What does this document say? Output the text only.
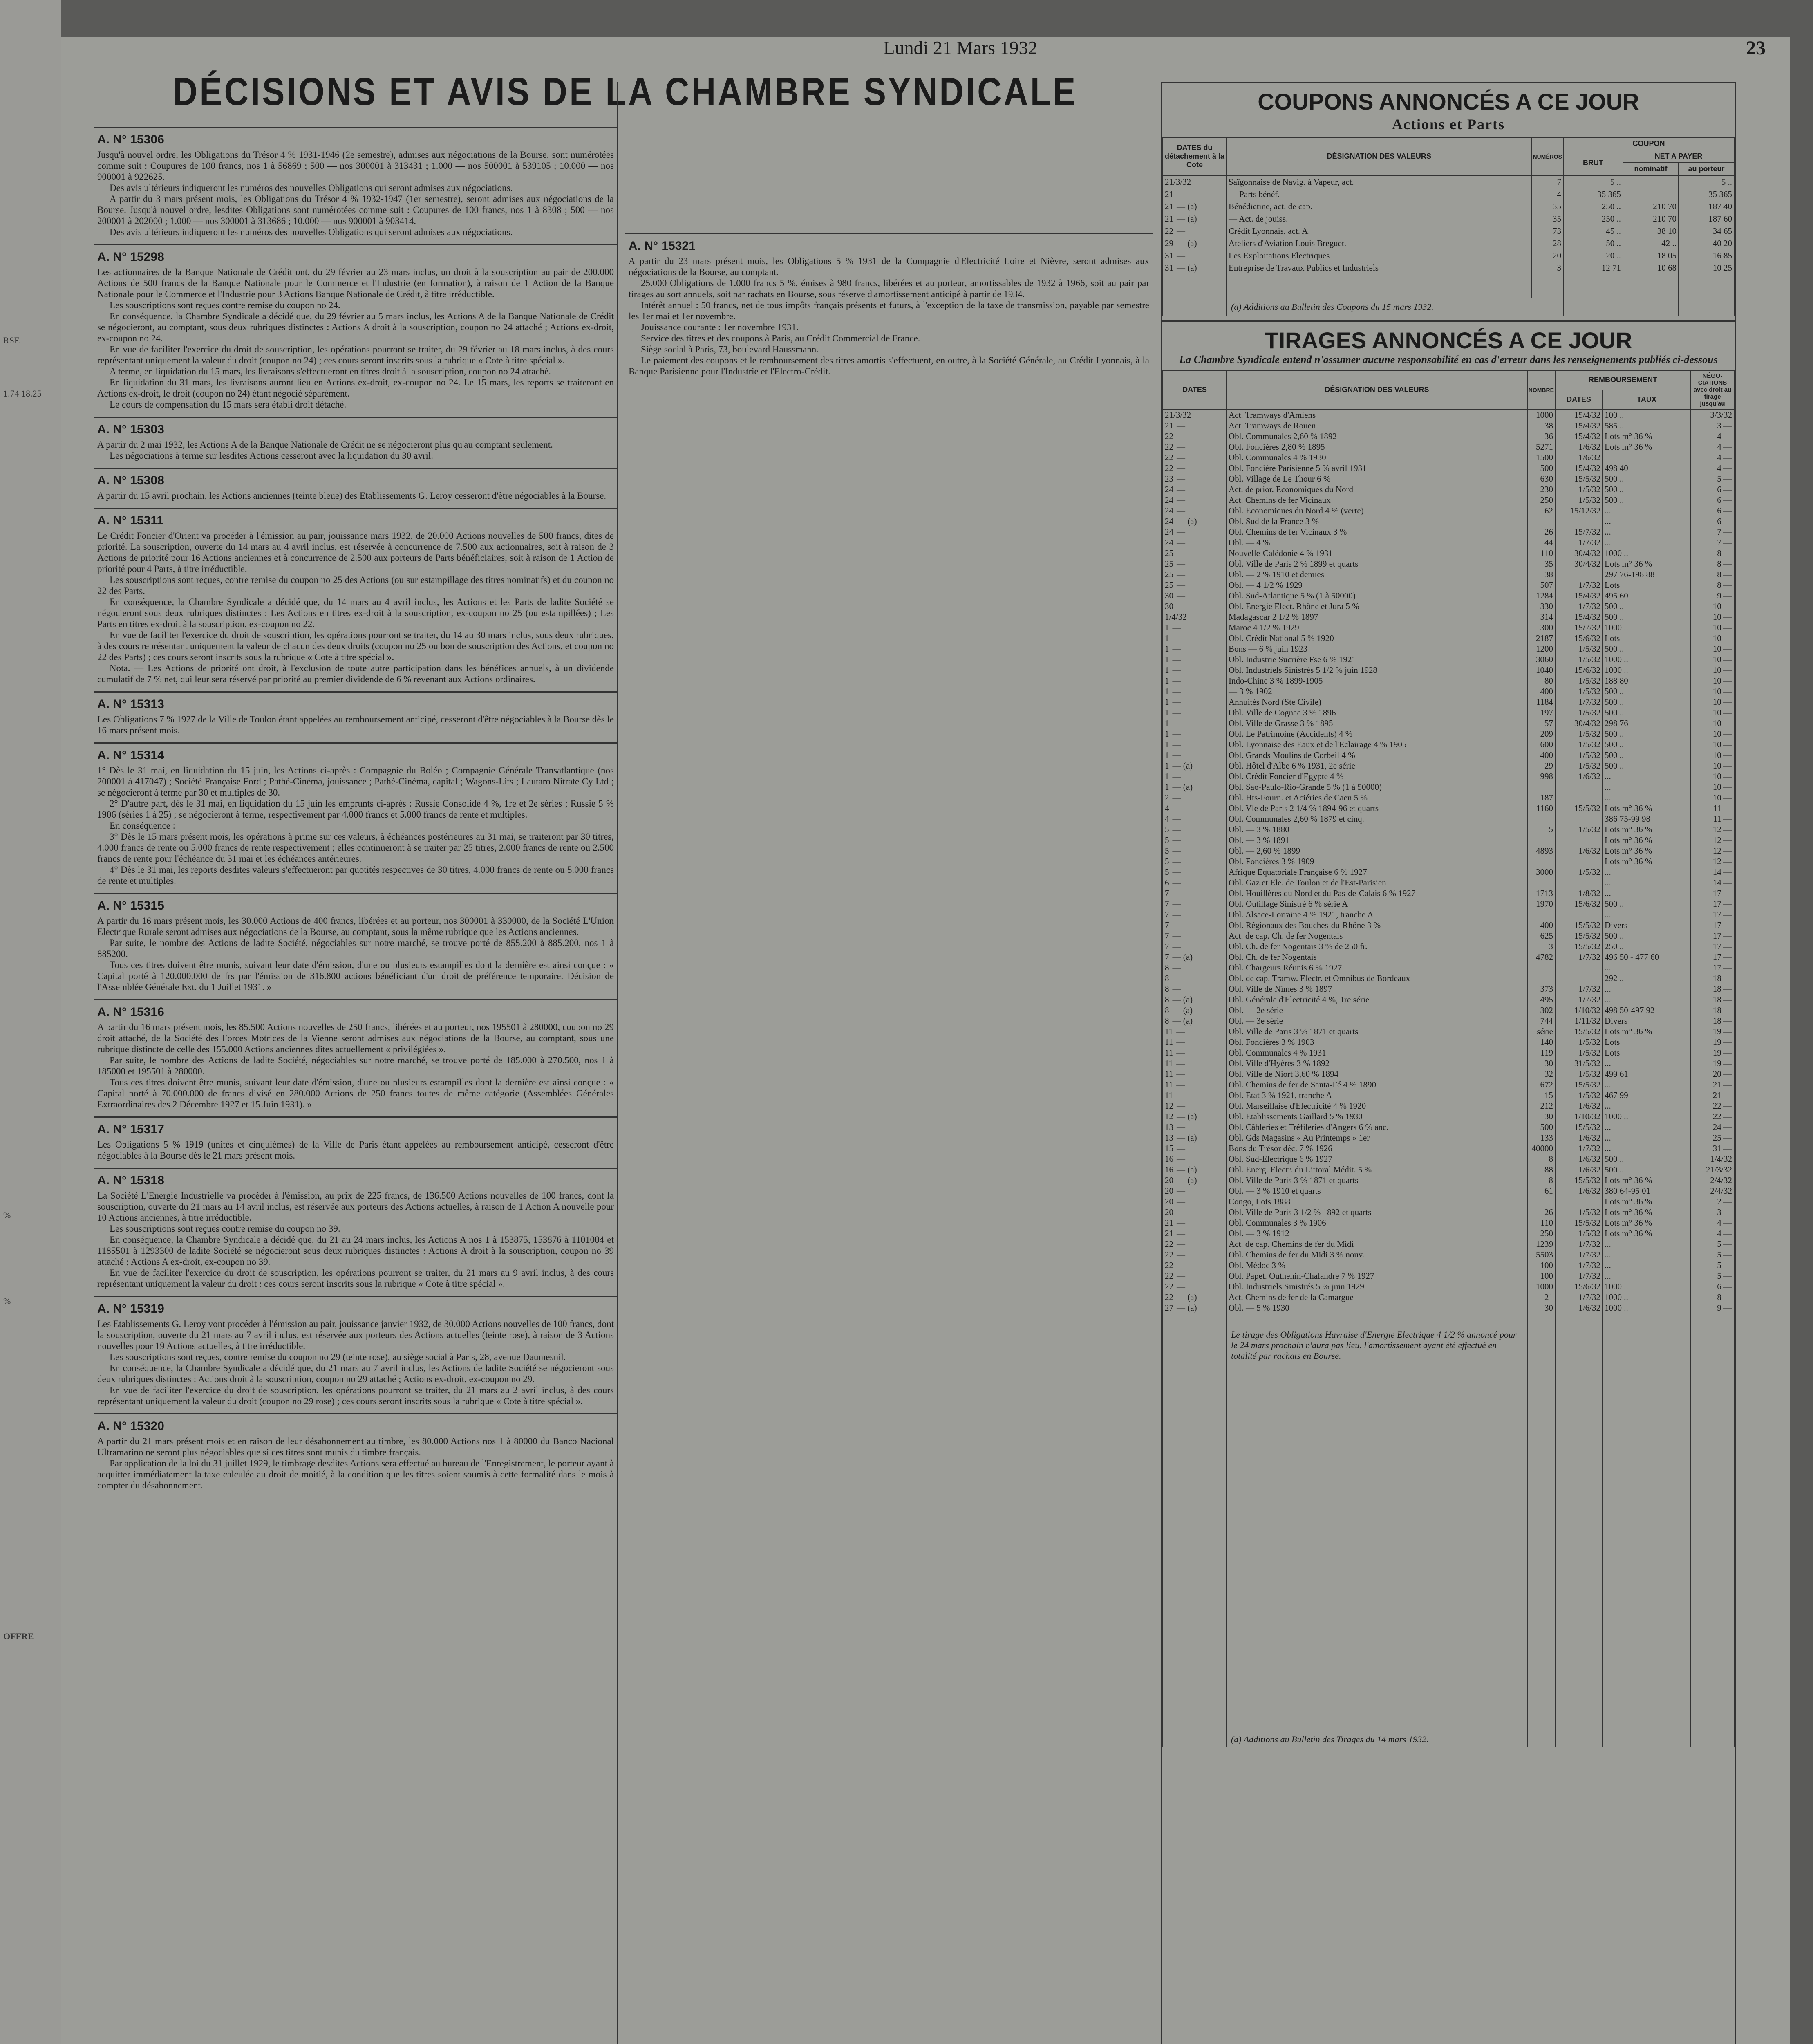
RSE
1.74 18.25
%
%
OFFRE
Lundi 21 Mars 1932	23
DÉCISIONS ET AVIS DE LA CHAMBRE SYNDICALE
A. N° 15306

Jusqu'à nouvel ordre, les Obligations du Trésor 4 % 1931-1946 (2e semestre), admises aux négociations de la Bourse, sont numérotées comme suit : Coupures de 100 francs, nos 1 à 56869 ; 500 — nos 300001 à 313431 ; 1.000 — nos 500001 à 539105 ; 10.000 — nos 900001 à 922625.

Des avis ultérieurs indiqueront les numéros des nouvelles Obligations qui seront admises aux négociations.

A partir du 3 mars présent mois, les Obligations du Trésor 4 % 1932-1947 (1er semestre), seront admises aux négociations de la Bourse. Jusqu'à nouvel ordre, lesdites Obligations sont numérotées comme suit : Coupures de 100 francs, nos 1 à 8308 ; 500 — nos 200001 à 202000 ; 1.000 — nos 300001 à 313686 ; 10.000 — nos 900001 à 903414.

Des avis ultérieurs indiqueront les numéros des nouvelles Obligations qui seront admises aux négociations.

A. N° 15298

Les actionnaires de la Banque Nationale de Crédit ont, du 29 février au 23 mars inclus, un droit à la souscription au pair de 200.000 Actions de 500 francs de la Banque Nationale pour le Commerce et l'Industrie (en formation), à raison de 1 Action de la Banque Nationale pour le Commerce et l'Industrie pour 3 Actions Banque Nationale de Crédit, à titre irréductible.

Les souscriptions sont reçues contre remise du coupon no 24.

En conséquence, la Chambre Syndicale a décidé que, du 29 février au 5 mars inclus, les Actions A de la Banque Nationale de Crédit se négocieront, au comptant, sous deux rubriques distinctes : Actions A droit à la souscription, coupon no 24 attaché ; Actions ex-droit, ex-coupon no 24.

En vue de faciliter l'exercice du droit de souscription, les opérations pourront se traiter, du 29 février au 18 mars inclus, à des cours représentant uniquement la valeur du droit (coupon no 24) ; ces cours seront inscrits sous la rubrique « Cote à titre spécial ».

A terme, en liquidation du 15 mars, les livraisons s'effectueront en titres droit à la souscription, coupon no 24 attaché.

En liquidation du 31 mars, les livraisons auront lieu en Actions ex-droit, ex-coupon no 24. Le 15 mars, les reports se traiteront en Actions ex-droit, le droit (coupon no 24) étant négocié séparément.

Le cours de compensation du 15 mars sera établi droit détaché.

A. N° 15303

A partir du 2 mai 1932, les Actions A de la Banque Nationale de Crédit ne se négocieront plus qu'au comptant seulement.

Les négociations à terme sur lesdites Actions cesseront avec la liquidation du 30 avril.

A. N° 15308

A partir du 15 avril prochain, les Actions anciennes (teinte bleue) des Etablissements G. Leroy cesseront d'être négociables à la Bourse.

A. N° 15311

Le Crédit Foncier d'Orient va procéder à l'émission au pair, jouissance mars 1932, de 20.000 Actions nouvelles de 500 francs, dites de priorité. La souscription, ouverte du 14 mars au 4 avril inclus, est réservée à concurrence de 7.500 aux actionnaires, soit à raison de 3 Actions de priorité pour 16 Actions anciennes et à concurrence de 2.500 aux porteurs de Parts bénéficiaires, soit à raison de 1 Action de priorité pour 4 Parts, à titre irréductible.

Les souscriptions sont reçues, contre remise du coupon no 25 des Actions (ou sur estampillage des titres nominatifs) et du coupon no 22 des Parts.

En conséquence, la Chambre Syndicale a décidé que, du 14 mars au 4 avril inclus, les Actions et les Parts de ladite Société se négocieront sous deux rubriques distinctes : Les Actions en titres ex-droit à la souscription, ex-coupon no 25 (ou estampillées) ; Les Parts en titres ex-droit à la souscription, ex-coupon no 22.

En vue de faciliter l'exercice du droit de souscription, les opérations pourront se traiter, du 14 au 30 mars inclus, sous deux rubriques, à des cours représentant uniquement la valeur de chacun des deux droits (coupon no 25 ou bon de souscription des Actions, et coupon no 22 des Parts) ; ces cours seront inscrits sous la rubrique « Cote à titre spécial ».

Nota. — Les Actions de priorité ont droit, à l'exclusion de toute autre participation dans les bénéfices annuels, à un dividende cumulatif de 7 % net, qui leur sera réservé par priorité au premier dividende de 6 % revenant aux Actions ordinaires.

A. N° 15313

Les Obligations 7 % 1927 de la Ville de Toulon étant appelées au remboursement anticipé, cesseront d'être négociables à la Bourse dès le 16 mars présent mois.

A. N° 15314

1° Dès le 31 mai, en liquidation du 15 juin, les Actions ci-après : Compagnie du Boléo ; Compagnie Générale Transatlantique (nos 200001 à 417047) ; Société Française Ford ; Pathé-Cinéma, jouissance ; Pathé-Cinéma, capital ; Wagons-Lits ; Lautaro Nitrate Cy Ltd ; se négocieront à terme par 30 et multiples de 30.

2° D'autre part, dès le 31 mai, en liquidation du 15 juin les emprunts ci-après : Russie Consolidé 4 %, 1re et 2e séries ; Russie 5 % 1906 (séries 1 à 25) ; se négocieront à terme, respectivement par 4.000 francs et 5.000 francs de rente et multiples.

En conséquence :

3° Dès le 15 mars présent mois, les opérations à prime sur ces valeurs, à échéances postérieures au 31 mai, se traiteront par 30 titres, 4.000 francs de rente ou 5.000 francs de rente respectivement ; elles continueront à se traiter par 25 titres, 2.000 francs de rente ou 2.500 francs de rente pour l'échéance du 31 mai et les échéances antérieures.

4° Dès le 31 mai, les reports desdites valeurs s'effectueront par quotités respectives de 30 titres, 4.000 francs de rente ou 5.000 francs de rente et multiples.

A. N° 15315

A partir du 16 mars présent mois, les 30.000 Actions de 400 francs, libérées et au porteur, nos 300001 à 330000, de la Société L'Union Electrique Rurale seront admises aux négociations de la Bourse, au comptant, sous la même rubrique que les Actions anciennes.

Par suite, le nombre des Actions de ladite Société, négociables sur notre marché, se trouve porté de 855.200 à 885.200, nos 1 à 885200.

Tous ces titres doivent être munis, suivant leur date d'émission, d'une ou plusieurs estampilles dont la dernière est ainsi conçue : « Capital porté à 120.000.000 de frs par l'émission de 316.800 actions bénéficiant d'un droit de préférence temporaire. Décision de l'Assemblée Générale Ext. du 1 Juillet 1931. »

A. N° 15316

A partir du 16 mars présent mois, les 85.500 Actions nouvelles de 250 francs, libérées et au porteur, nos 195501 à 280000, coupon no 29 droit attaché, de la Société des Forces Motrices de la Vienne seront admises aux négociations de la Bourse, au comptant, sous une rubrique distincte de celle des 155.000 Actions anciennes dites actuellement « privilégiées ».

Par suite, le nombre des Actions de ladite Société, négociables sur notre marché, se trouve porté de 185.000 à 270.500, nos 1 à 185000 et 195501 à 280000.

Tous ces titres doivent être munis, suivant leur date d'émission, d'une ou plusieurs estampilles dont la dernière est ainsi conçue : « Capital porté à 70.000.000 de francs divisé en 280.000 Actions de 250 francs toutes de même catégorie (Assemblées Générales Extraordinaires des 2 Décembre 1927 et 15 Juin 1931). »

A. N° 15317

Les Obligations 5 % 1919 (unités et cinquièmes) de la Ville de Paris étant appelées au remboursement anticipé, cesseront d'être négociables à la Bourse dès le 21 mars présent mois.

A. N° 15318

La Société L'Energie Industrielle va procéder à l'émission, au prix de 225 francs, de 136.500 Actions nouvelles de 100 francs, dont la souscription, ouverte du 21 mars au 14 avril inclus, est réservée aux porteurs des Actions actuelles, à raison de 1 Action A nouvelle pour 10 Actions anciennes, à titre irréductible.

Les souscriptions sont reçues contre remise du coupon no 39.

En conséquence, la Chambre Syndicale a décidé que, du 21 au 24 mars inclus, les Actions A nos 1 à 153875, 153876 à 1101004 et 1185501 à 1293300 de ladite Société se négocieront sous deux rubriques distinctes : Actions A droit à la souscription, coupon no 39 attaché ; Actions A ex-droit, ex-coupon no 39.

En vue de faciliter l'exercice du droit de souscription, les opérations pourront se traiter, du 21 mars au 9 avril inclus, à des cours représentant uniquement la valeur du droit : ces cours seront inscrits sous la rubrique « Cote à titre spécial ».

A. N° 15319

Les Etablissements G. Leroy vont procéder à l'émission au pair, jouissance janvier 1932, de 30.000 Actions nouvelles de 100 francs, dont la souscription, ouverte du 21 mars au 7 avril inclus, est réservée aux porteurs des Actions actuelles (teinte rose), à raison de 3 Actions nouvelles pour 19 Actions actuelles, à titre irréductible.

Les souscriptions sont reçues, contre remise du coupon no 29 (teinte rose), au siège social à Paris, 28, avenue Daumesnil.

En conséquence, la Chambre Syndicale a décidé que, du 21 mars au 7 avril inclus, les Actions de ladite Société se négocieront sous deux rubriques distinctes : Actions droit à la souscription, coupon no 29 attaché ; Actions ex-droit, ex-coupon no 29.

En vue de faciliter l'exercice du droit de souscription, les opérations pourront se traiter, du 21 mars au 2 avril inclus, à des cours représentant uniquement la valeur du droit (coupon no 29 rose) ; ces cours seront inscrits sous la rubrique « Cote à titre spécial ».

A. N° 15320

A partir du 21 mars présent mois et en raison de leur désabonnement au timbre, les 80.000 Actions nos 1 à 80000 du Banco Nacional Ultramarino ne seront plus négociables que si ces titres sont munis du timbre français.

Par application de la loi du 31 juillet 1929, le timbrage desdites Actions sera effectué au bureau de l'Enregistrement, le porteur ayant à acquitter immédiatement la taxe calculée au droit de moitié, à la condition que les titres soient soumis à cette formalité dans le mois à compter du désabonnement.

A. N° 15321

A partir du 23 mars présent mois, les Obligations 5 % 1931 de la Compagnie d'Electricité Loire et Nièvre, seront admises aux négociations de la Bourse, au comptant.

25.000 Obligations de 1.000 francs 5 %, émises à 980 francs, libérées et au porteur, amortissables de 1932 à 1966, soit au pair par tirages au sort annuels, soit par rachats en Bourse, sous réserve d'amortissement anticipé à partir de 1934.

Intérêt annuel : 50 francs, net de tous impôts français présents et futurs, à l'exception de la taxe de transmission, payable par semestre les 1er mai et 1er novembre.

Jouissance courante : 1er novembre 1931.

Service des titres et des coupons à Paris, au Crédit Commercial de France.

Siège social à Paris, 73, boulevard Haussmann.

Le paiement des coupons et le remboursement des titres amortis s'effectuent, en outre, à la Société Générale, au Crédit Lyonnais, à la Banque Parisienne pour l'Industrie et l'Electro-Crédit.

COUPONS ANNONCÉS A CE JOUR
Actions et Parts
DATES du détachement à la Cote	DÉSIGNATION DES VALEURS	NUMÉROS	COUPON		
			BRUT	NET A PAYER	
				nominatif	au porteur
21/3/32	Saïgonnaise de Navig. à Vapeur, act.	7	5 ..		5 ..
21 —	— Parts bénéf.	4	35 365		35 365
21 — (a)	Bénédictine, act. de cap.	35	250 ..	210 70	187 40
21 — (a)	— Act. de jouiss.	35	250 ..	210 70	187 60
22 —	Crédit Lyonnais, act. A.	73	45 ..	38 10	34 65
29 — (a)	Ateliers d'Aviation Louis Breguet.	28	50 ..	42 ..	40 20
31 —	Les Exploitations Electriques	20	20 ..	18 05	16 85
31 — (a)	Entreprise de Travaux Publics et Industriels	3	12 71	10 68	10 25

	(a) Additions au Bulletin des Coupons du 15 mars 1932.				
TIRAGES ANNONCÉS A CE JOUR
La Chambre Syndicale entend n'assumer aucune responsabilité en cas d'erreur dans les renseignements publiés ci-dessous
DATES	DÉSIGNATION DES VALEURS	NOMBRE	REMBOURSEMENT		NÉGO-CIATIONS avec droit au tirage jusqu'au
			DATES	TAUX	
21/3/32	Act. Tramways d'Amiens	1000	15/4/32	100 ..	3/3/32
21 —	Act. Tramways de Rouen	38	15/4/32	585 ..	3 —
22 —	Obl. Communales 2,60 % 1892	36	15/4/32	Lots m° 36 %	4 —
22 —	Obl. Foncières 2,80 % 1895	5271	1/6/32	Lots m° 36 %	4 —
22 —	Obl. Communales 4 % 1930	1500	1/6/32		4 —
22 —	Obl. Foncière Parisienne 5 % avril 1931	500	15/4/32	498 40	4 —
23 —	Obl. Village de Le Thour 6 %	630	15/5/32	500 ..	5 —
24 —	Act. de prior. Economiques du Nord	230	1/5/32	500 ..	6 —
24 —	Act. Chemins de fer Vicinaux	250	1/5/32	500 ..	6 —
24 —	Obl. Economiques du Nord 4 % (verte)	62	15/12/32	...	6 —
24 — (a)	Obl. Sud de la France 3 %			...	6 —
24 —	Obl. Chemins de fer Vicinaux 3 %	26	15/7/32	...	7 —
24 —	Obl. — 4 %	44	1/7/32	...	7 —
25 —	Nouvelle-Calédonie 4 % 1931	110	30/4/32	1000 ..	8 —
25 —	Obl. Ville de Paris 2 % 1899 et quarts	35	30/4/32	Lots m° 36 %	8 —
25 —	Obl. — 2 % 1910 et demies	38		297 76-198 88	8 —
25 —	Obl. — 4 1/2 % 1929	507	1/7/32	Lots	8 —
30 —	Obl. Sud-Atlantique 5 % (1 à 50000)	1284	15/4/32	495 60	9 —
30 —	Obl. Energie Elect. Rhône et Jura 5 %	330	1/7/32	500 ..	10 —
1/4/32	Madagascar 2 1/2 % 1897	314	15/4/32	500 ..	10 —
1 —	Maroc 4 1/2 % 1929	300	15/7/32	1000 ..	10 —
1 —	Obl. Crédit National 5 % 1920	2187	15/6/32	Lots	10 —
1 —	Bons — 6 % juin 1923	1200	1/5/32	500 ..	10 —
1 —	Obl. Industrie Sucrière Fse 6 % 1921	3060	1/5/32	1000 ..	10 —
1 —	Obl. Industriels Sinistrés 5 1/2 % juin 1928	1040	15/6/32	1000 ..	10 —
1 —	Indo-Chine 3 % 1899-1905	80	1/5/32	188 80	10 —
1 —	— 3 % 1902	400	1/5/32	500 ..	10 —
1 —	Annuités Nord (Ste Civile)	1184	1/7/32	500 ..	10 —
1 —	Obl. Ville de Cognac 3 % 1896	197	1/5/32	500 ..	10 —
1 —	Obl. Ville de Grasse 3 % 1895	57	30/4/32	298 76	10 —
1 —	Obl. Le Patrimoine (Accidents) 4 %	209	1/5/32	500 ..	10 —
1 —	Obl. Lyonnaise des Eaux et de l'Eclairage 4 % 1905	600	1/5/32	500 ..	10 —
1 —	Obl. Grands Moulins de Corbeil 4 %	400	1/5/32	500 ..	10 —
1 — (a)	Obl. Hôtel d'Albe 6 % 1931, 2e série	29	1/5/32	500 ..	10 —
1 —	Obl. Crédit Foncier d'Egypte 4 %	998	1/6/32	...	10 —
1 — (a)	Obl. Sao-Paulo-Rio-Grande 5 % (1 à 50000)			...	10 —
2 —	Obl. Hts-Fourn. et Aciéries de Caen 5 %	187		...	10 —
4 —	Obl. Vle de Paris 2 1/4 % 1894-96 et quarts	1160	15/5/32	Lots m° 36 %	11 —
4 —	Obl. Communales 2,60 % 1879 et cinq.			386 75-99 98	11 —
5 —	Obl. — 3 % 1880	5	1/5/32	Lots m° 36 %	12 —
5 —	Obl. — 3 % 1891			Lots m° 36 %	12 —
5 —	Obl. — 2,60 % 1899	4893	1/6/32	Lots m° 36 %	12 —
5 —	Obl. Foncières 3 % 1909			Lots m° 36 %	12 —
5 —	Afrique Equatoriale Française 6 % 1927	3000	1/5/32	...	14 —
6 —	Obl. Gaz et Ele. de Toulon et de l'Est-Parisien			...	14 —
7 —	Obl. Houillères du Nord et du Pas-de-Calais 6 % 1927	1713	1/8/32	...	17 —
7 —	Obl. Outillage Sinistré 6 % série A	1970	15/6/32	500 ..	17 —
7 —	Obl. Alsace-Lorraine 4 % 1921, tranche A			...	17 —
7 —	Obl. Régionaux des Bouches-du-Rhône 3 %	400	15/5/32	Divers	17 —
7 —	Act. de cap. Ch. de fer Nogentais	625	15/5/32	500 ..	17 —
7 —	Obl. Ch. de fer Nogentais 3 % de 250 fr.	3	15/5/32	250 ..	17 —
7 — (a)	Obl. Ch. de fer Nogentais	4782	1/7/32	496 50 - 477 60	17 —
8 —	Obl. Chargeurs Réunis 6 % 1927			...	17 —
8 —	Obl. de cap. Tramw. Electr. et Omnibus de Bordeaux			292 ..	18 —
8 —	Obl. Ville de Nîmes 3 % 1897	373	1/7/32	...	18 —
8 — (a)	Obl. Générale d'Electricité 4 %, 1re série	495	1/7/32	...	18 —
8 — (a)	Obl. — 2e série	302	1/10/32	498 50-497 92	18 —
8 — (a)	Obl. — 3e série	744	1/11/32	Divers	18 —
11 —	Obl. Ville de Paris 3 % 1871 et quarts	série	15/5/32	Lots m° 36 %	19 —
11 —	Obl. Foncières 3 % 1903	140	1/5/32	Lots	19 —
11 —	Obl. Communales 4 % 1931	119	1/5/32	Lots	19 —
11 —	Obl. Ville d'Hyères 3 % 1892	30	31/5/32	...	19 —
11 —	Obl. Ville de Niort 3,60 % 1894	32	1/5/32	499 61	20 —
11 —	Obl. Chemins de fer de Santa-Fé 4 % 1890	672	15/5/32	...	21 —
11 —	Obl. Etat 3 % 1921, tranche A	15	1/5/32	467 99	21 —
12 —	Obl. Marseillaise d'Electricité 4 % 1920	212	1/6/32	...	22 —
12 — (a)	Obl. Etablissements Gaillard 5 % 1930	30	1/10/32	1000 ..	22 —
13 —	Obl. Câbleries et Tréfileries d'Angers 6 % anc.	500	15/5/32	...	24 —
13 — (a)	Obl. Gds Magasins « Au Printemps » 1er	133	1/6/32	...	25 —
15 —	Bons du Trésor déc. 7 % 1926	40000	1/7/32	...	31 —
16 —	Obl. Sud-Electrique 6 % 1927	8	1/6/32	500 ..	1/4/32
16 — (a)	Obl. Energ. Electr. du Littoral Médit. 5 %	88	1/6/32	500 ..	21/3/32
20 — (a)	Obl. Ville de Paris 3 % 1871 et quarts	8	15/5/32	Lots m° 36 %	2/4/32
20 —	Obl. — 3 % 1910 et quarts	61	1/6/32	380 64-95 01	2/4/32
20 —	Congo, Lots 1888			Lots m° 36 %	2 —
20 —	Obl. Ville de Paris 3 1/2 % 1892 et quarts	26	1/5/32	Lots m° 36 %	3 —
21 —	Obl. Communales 3 % 1906	110	15/5/32	Lots m° 36 %	4 —
21 —	Obl. — 3 % 1912	250	1/5/32	Lots m° 36 %	4 —
22 —	Act. de cap. Chemins de fer du Midi	1239	1/7/32	...	5 —
22 —	Obl. Chemins de fer du Midi 3 % nouv.	5503	1/7/32	...	5 —
22 —	Obl. Médoc 3 %	100	1/7/32	...	5 —
22 —	Obl. Papet. Outhenin-Chalandre 7 % 1927	100	1/7/32	...	5 —
22 —	Obl. Industriels Sinistrés 5 % juin 1929	1000	15/6/32	1000 ..	6 —
22 — (a)	Act. Chemins de fer de la Camargue	21	1/7/32	1000 ..	8 —
27 — (a)	Obl. — 5 % 1930	30	1/6/32	1000 ..	9 —
	Le tirage des Obligations Havraise d'Energie Electrique 4 1/2 % annoncé pour le 24 mars prochain n'aura pas lieu, l'amortissement ayant été effectué en totalité par rachats en Bourse.				

	(a) Additions au Bulletin des Tirages du 14 mars 1932.				
